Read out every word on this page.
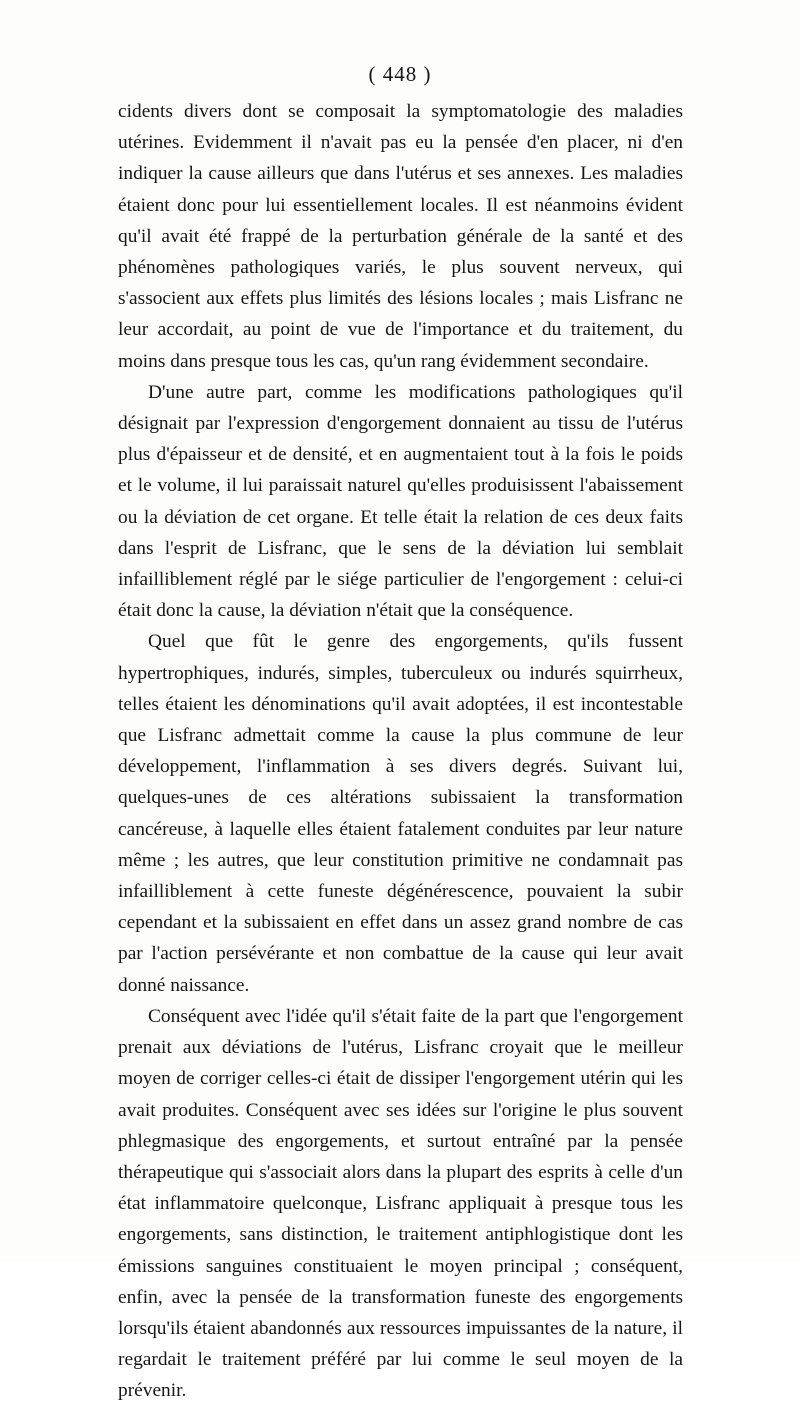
( 448 )

cidents divers dont se composait la symptomatologie des maladies utérines. Evidemment il n'avait pas eu la pensée d'en placer, ni d'en indiquer la cause ailleurs que dans l'utérus et ses annexes. Les maladies étaient donc pour lui essentiellement locales. Il est néanmoins évident qu'il avait été frappé de la perturbation générale de la santé et des phénomènes pathologiques variés, le plus souvent nerveux, qui s'associent aux effets plus limités des lésions locales ; mais Lisfranc ne leur accordait, au point de vue de l'importance et du traitement, du moins dans presque tous les cas, qu'un rang évidemment secondaire.

D'une autre part, comme les modifications pathologiques qu'il désignait par l'expression d'engorgement donnaient au tissu de l'utérus plus d'épaisseur et de densité, et en augmentaient tout à la fois le poids et le volume, il lui paraissait naturel qu'elles produisissent l'abaissement ou la déviation de cet organe. Et telle était la relation de ces deux faits dans l'esprit de Lisfranc, que le sens de la déviation lui semblait infailliblement réglé par le siége particulier de l'engorgement : celui-ci était donc la cause, la déviation n'était que la conséquence.

Quel que fût le genre des engorgements, qu'ils fussent hypertrophiques, indurés, simples, tuberculeux ou indurés squirrheux, telles étaient les dénominations qu'il avait adoptées, il est incontestable que Lisfranc admettait comme la cause la plus commune de leur développement, l'inflammation à ses divers degrés. Suivant lui, quelques-unes de ces altérations subissaient la transformation cancéreuse, à laquelle elles étaient fatalement conduites par leur nature même ; les autres, que leur constitution primitive ne condamnait pas infailliblement à cette funeste dégénérescence, pouvaient la subir cependant et la subissaient en effet dans un assez grand nombre de cas par l'action persévérante et non combattue de la cause qui leur avait donné naissance.

Conséquent avec l'idée qu'il s'était faite de la part que l'engorgement prenait aux déviations de l'utérus, Lisfranc croyait que le meilleur moyen de corriger celles-ci était de dissiper l'engorgement utérin qui les avait produites. Conséquent avec ses idées sur l'origine le plus souvent phlegmasique des engorgements, et surtout entraîné par la pensée thérapeutique qui s'associait alors dans la plupart des esprits à celle d'un état inflammatoire quelconque, Lisfranc appliquait à presque tous les engorgements, sans distinction, le traitement antiphlogistique dont les émissions sanguines constituaient le moyen principal ; conséquent, enfin, avec la pensée de la transformation funeste des engorgements lorsqu'ils étaient abandonnés aux ressources impuissantes de la nature, il regardait le traitement préféré par lui comme le seul moyen de la prévenir.
